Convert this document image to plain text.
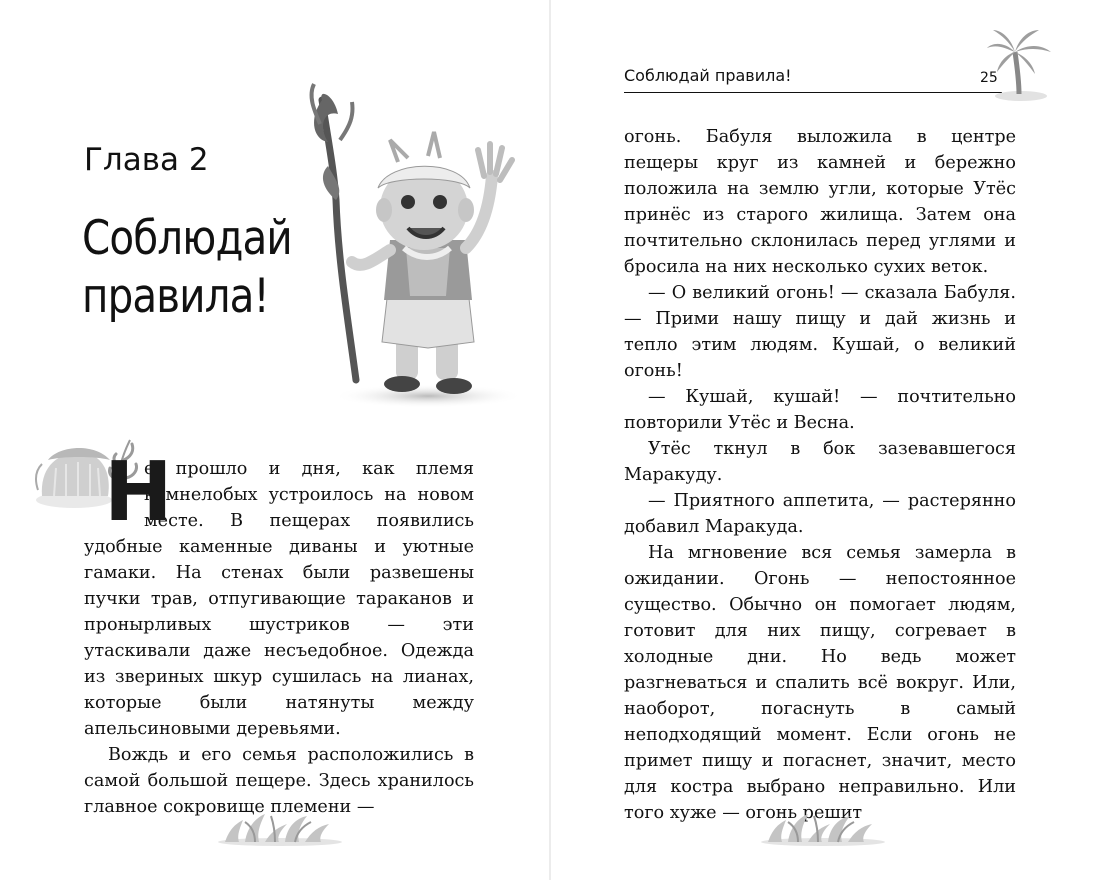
Глава 2
Соблюдай правила!
Н

е прошло и дня, как племя камнелобых устроилось на новом месте. В пещерах появились удобные каменные диваны и уютные гамаки. На стенах были развешены пучки трав, отпугивающие тараканов и пронырливых шустриков — эти утаскивали даже несъедобное. Одежда из звериных шкур сушилась на лианах, которые были натянуты между апельсиновыми деревьями.

Вождь и его семья расположились в самой большой пещере. Здесь хранилось главное сокровище племени —

Соблюдай правила!	25

огонь. Бабуля выложила в центре пещеры круг из камней и бережно положила на землю угли, которые Утёс принёс из старого жилища. Затем она почтительно склонилась перед углями и бросила на них несколько сухих веток.

— О великий огонь! — сказала Бабуля. — Прими нашу пищу и дай жизнь и тепло этим людям. Кушай, о великий огонь!

— Кушай, кушай! — почтительно повторили Утёс и Весна.

Утёс ткнул в бок зазевавшегося Маракуду.

— Приятного аппетита, — растерянно добавил Маракуда.

На мгновение вся семья замерла в ожидании. Огонь — непостоянное существо. Обычно он помогает людям, готовит для них пищу, согревает в холодные дни. Но ведь может разгневаться и спалить всё вокруг. Или, наоборот, погаснуть в самый неподходящий момент. Если огонь не примет пищу и погаснет, значит, место для костра выбрано неправильно. Или того хуже — огонь решит
